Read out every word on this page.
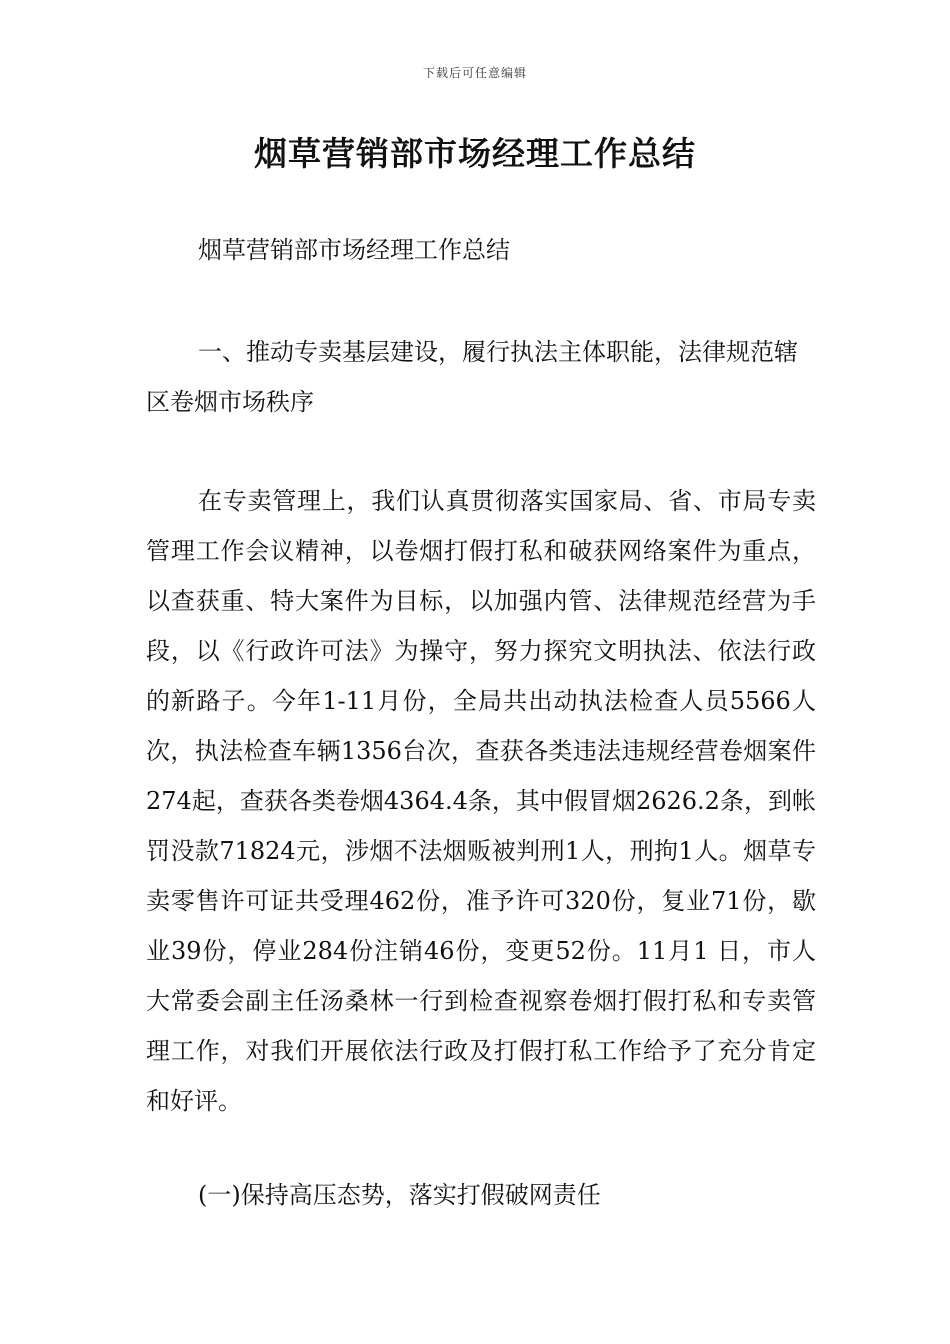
下载后可任意编辑
烟草营销部市场经理工作总结

烟草营销部市场经理工作总结

一、推动专卖基层建设，履行执法主体职能，法律规范辖区卷烟市场秩序

在专卖管理上，我们认真贯彻落实国家局、省、市局专卖管理工作会议精神，以卷烟打假打私和破获网络案件为重点，以查获重、特大案件为目标，以加强内管、法律规范经营为手段，以《行政许可法》为操守，努力探究文明执法、依法行政的新路子。今年1-11月份，全局共出动执法检查人员5566人次，执法检查车辆1356台次，查获各类违法违规经营卷烟案件274起，查获各类卷烟4364.4条，其中假冒烟2626.2条，到帐罚没款71824元，涉烟不法烟贩被判刑1人，刑拘1人。烟草专卖零售许可证共受理462份，准予许可320份，复业71份，歇业39份，停业284份注销46份，变更52份。11月1 日，市人大常委会副主任汤桑林一行到检查视察卷烟打假打私和专卖管理工作，对我们开展依法行政及打假打私工作给予了充分肯定和好评。

(一)保持高压态势，落实打假破网责任
